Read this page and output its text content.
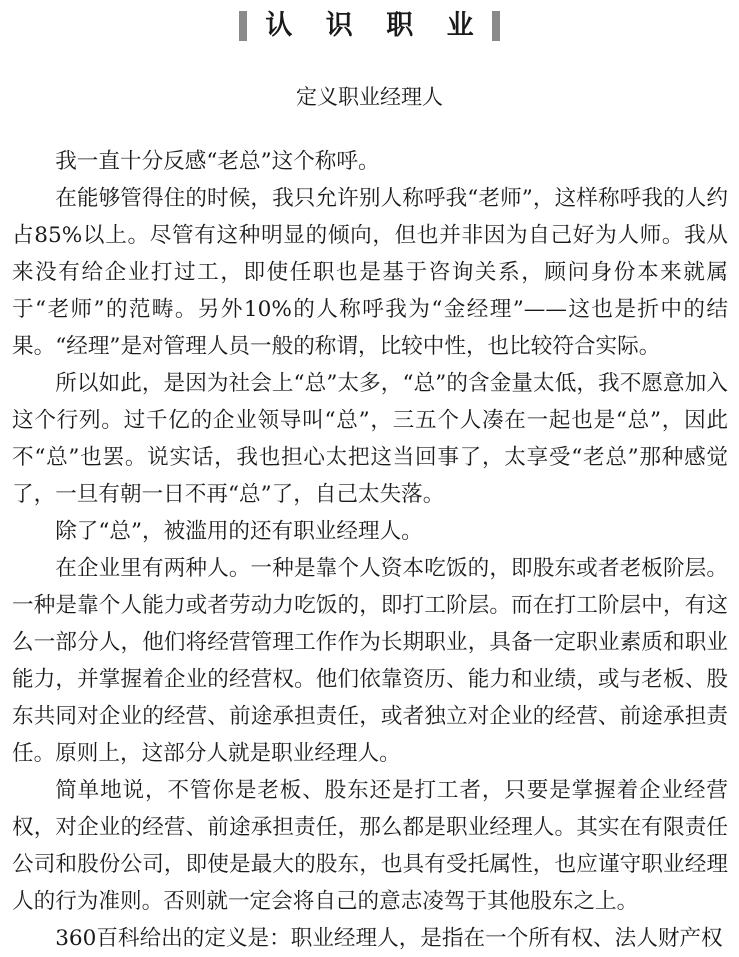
认 识 职 业
定义职业经理人

我一直十分反感“老总”这个称呼。

在能够管得住的时候，我只允许别人称呼我“老师”，这样称呼我的人约占85%以上。尽管有这种明显的倾向，但也并非因为自己好为人师。我从来没有给企业打过工，即使任职也是基于咨询关系，顾问身份本来就属于“老师”的范畴。另外10%的人称呼我为“金经理”——这也是折中的结果。“经理”是对管理人员一般的称谓，比较中性，也比较符合实际。

所以如此，是因为社会上“总”太多，“总”的含金量太低，我不愿意加入这个行列。过千亿的企业领导叫“总”，三五个人凑在一起也是“总”，因此不“总”也罢。说实话，我也担心太把这当回事了，太享受“老总”那种感觉了，一旦有朝一日不再“总”了，自己太失落。

除了“总”，被滥用的还有职业经理人。

在企业里有两种人。一种是靠个人资本吃饭的，即股东或者老板阶层。一种是靠个人能力或者劳动力吃饭的，即打工阶层。而在打工阶层中，有这么一部分人，他们将经营管理工作作为长期职业，具备一定职业素质和职业能力，并掌握着企业的经营权。他们依靠资历、能力和业绩，或与老板、股东共同对企业的经营、前途承担责任，或者独立对企业的经营、前途承担责任。原则上，这部分人就是职业经理人。

简单地说，不管你是老板、股东还是打工者，只要是掌握着企业经营权，对企业的经营、前途承担责任，那么都是职业经理人。其实在有限责任公司和股份公司，即使是最大的股东，也具有受托属性，也应谨守职业经理人的行为准则。否则就一定会将自己的意志凌驾于其他股东之上。

360百科给出的定义是：职业经理人，是指在一个所有权、法人财产权
